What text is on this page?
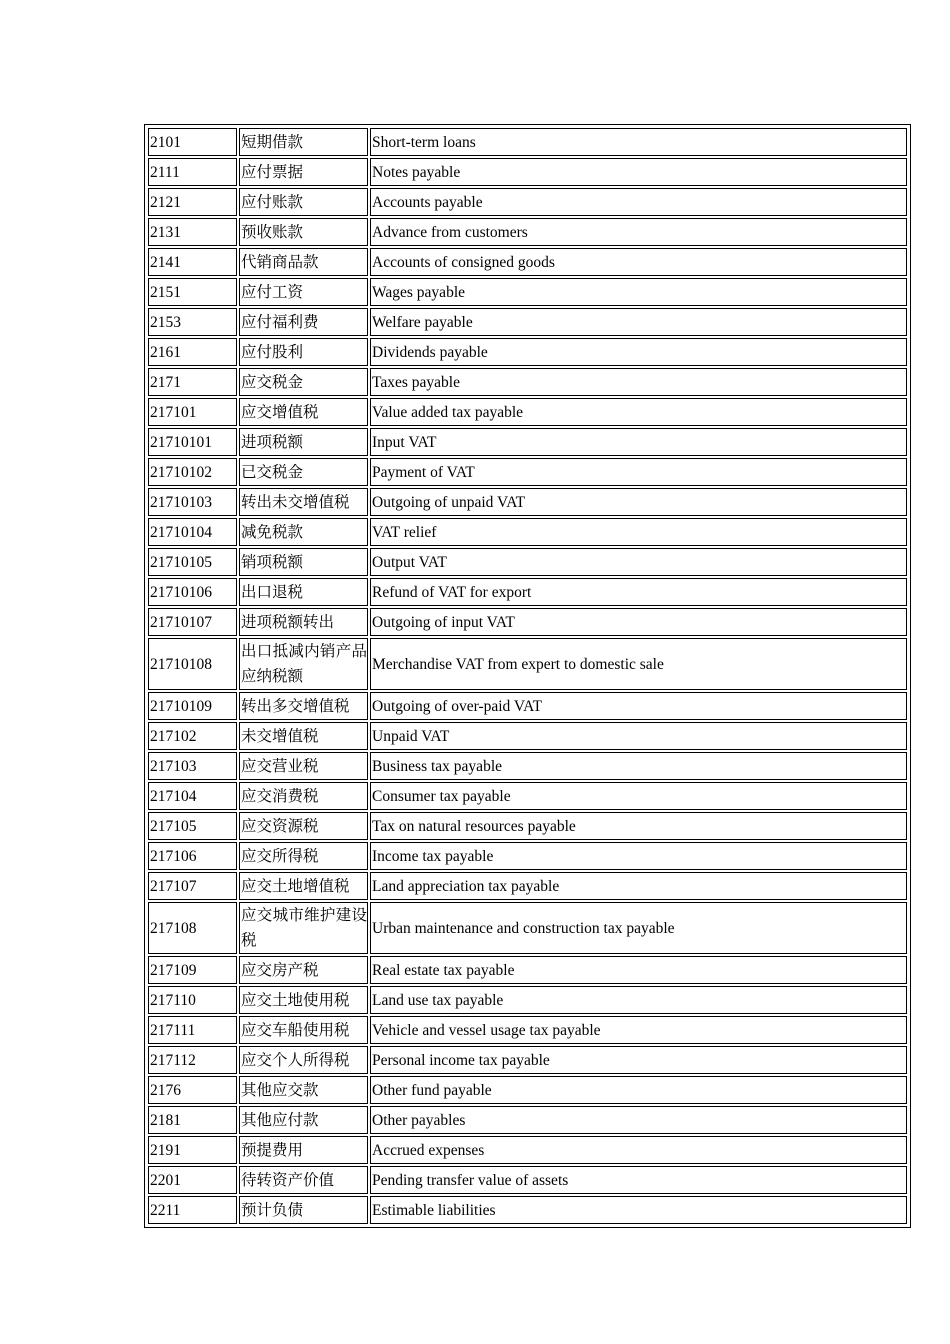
2101	短期借款	Short-term loans
2111	应付票据	Notes payable
2121	应付账款	Accounts payable
2131	预收账款	Advance from customers
2141	代销商品款	Accounts of consigned goods
2151	应付工资	Wages payable
2153	应付福利费	Welfare payable
2161	应付股利	Dividends payable
2171	应交税金	Taxes payable
217101	应交增值税	Value added tax payable
21710101	进项税额	Input VAT
21710102	已交税金	Payment of VAT
21710103	转出未交增值税	Outgoing of unpaid VAT
21710104	减免税款	VAT relief
21710105	销项税额	Output VAT
21710106	出口退税	Refund of VAT for export
21710107	进项税额转出	Outgoing of input VAT
21710108	出口抵减内销产品应纳税额	Merchandise VAT from expert to domestic sale
21710109	转出多交增值税	Outgoing of over-paid VAT
217102	未交增值税	Unpaid VAT
217103	应交营业税	Business tax payable
217104	应交消费税	Consumer tax payable
217105	应交资源税	Tax on natural resources payable
217106	应交所得税	Income tax payable
217107	应交土地增值税	Land appreciation tax payable
217108	应交城市维护建设税	Urban maintenance and construction tax payable
217109	应交房产税	Real estate tax payable
217110	应交土地使用税	Land use tax payable
217111	应交车船使用税	Vehicle and vessel usage tax payable
217112	应交个人所得税	Personal income tax payable
2176	其他应交款	Other fund payable
2181	其他应付款	Other payables
2191	预提费用	Accrued expenses
2201	待转资产价值	Pending transfer value of assets
2211	预计负债	Estimable liabilities
